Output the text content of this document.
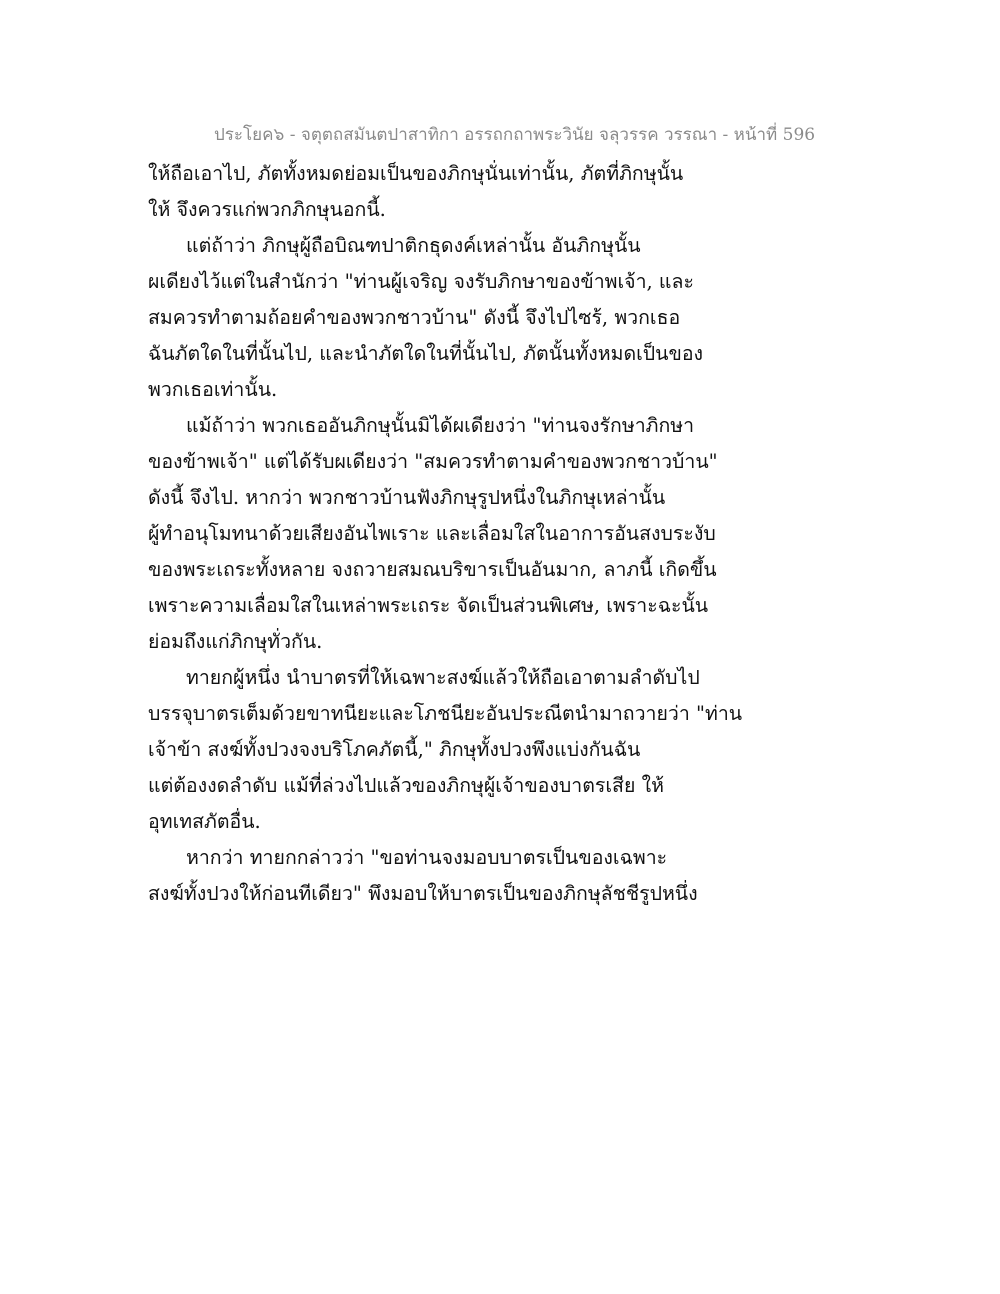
ประโยค๖ - จตุตถสมันตปาสาทิกา อรรถกถาพระวินัย จลุวรรค วรรณา - หน้าที่ 596
ให้ถือเอาไป, ภัตทั้งหมดย่อมเป็นของภิกษุนั่นเท่านั้น, ภัตที่ภิกษุนั้น
ให้ จึงควรแก่พวกภิกษุนอกนี้.
แต่ถ้าว่า ภิกษุผู้ถือบิณฑปาติกธุดงค์เหล่านั้น อันภิกษุนั้น
ผเดียงไว้แต่ในสำนักว่า "ท่านผู้เจริญ จงรับภิกษาของข้าพเจ้า, และ
สมควรทำตามถ้อยคำของพวกชาวบ้าน" ดังนี้ จึงไปไซร้, พวกเธอ
ฉันภัตใดในที่นั้นไป, และนำภัตใดในที่นั้นไป, ภัตนั้นทั้งหมดเป็นของ
พวกเธอเท่านั้น.
แม้ถ้าว่า พวกเธออันภิกษุนั้นมิได้ผเดียงว่า "ท่านจงรักษาภิกษา
ของข้าพเจ้า" แต่ได้รับผเดียงว่า "สมควรทำตามคำของพวกชาวบ้าน"
ดังนี้ จึงไป. หากว่า พวกชาวบ้านฟังภิกษุรูปหนึ่งในภิกษุเหล่านั้น
ผู้ทำอนุโมทนาด้วยเสียงอันไพเราะ และเลื่อมใสในอาการอันสงบระงับ
ของพระเถระทั้งหลาย จงถวายสมณบริขารเป็นอันมาก, ลาภนี้ เกิดขึ้น
เพราะความเลื่อมใสในเหล่าพระเถระ จัดเป็นส่วนพิเศษ, เพราะฉะนั้น
ย่อมถึงแก่ภิกษุทั่วกัน.
ทายกผู้หนึ่ง นำบาตรที่ให้เฉพาะสงฆ์แล้วให้ถือเอาตามลำดับไป
บรรจุบาตรเต็มด้วยขาทนียะและโภชนียะอันประณีตนำมาถวายว่า "ท่าน
เจ้าข้า สงฆ์ทั้งปวงจงบริโภคภัตนี้," ภิกษุทั้งปวงพึงแบ่งกันฉัน
แต่ต้องงดลำดับ แม้ที่ล่วงไปแล้วของภิกษุผู้เจ้าของบาตรเสีย ให้
อุทเทสภัตอื่น.
หากว่า ทายกกล่าวว่า "ขอท่านจงมอบบาตรเป็นของเฉพาะ
สงฆ์ทั้งปวงให้ก่อนทีเดียว" พึงมอบให้บาตรเป็นของภิกษุลัชชีรูปหนึ่ง
